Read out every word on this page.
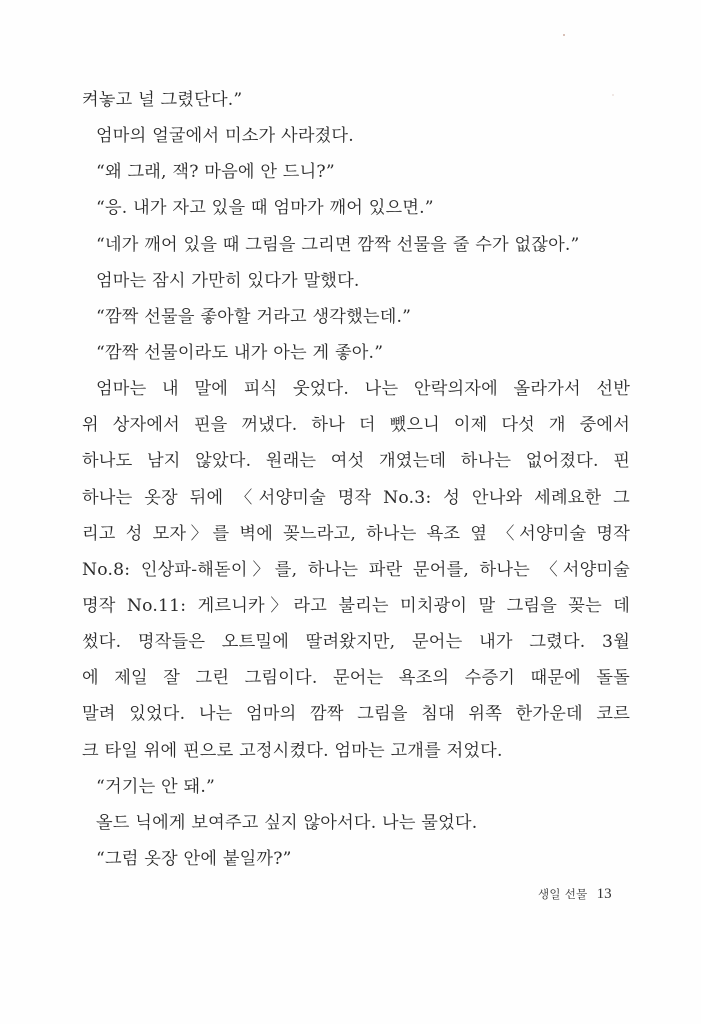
켜놓고 널 그렸단다.”
엄마의 얼굴에서 미소가 사라졌다.
“왜 그래, 잭? 마음에 안 드니?”
“응. 내가 자고 있을 때 엄마가 깨어 있으면.”
“네가 깨어 있을 때 그림을 그리면 깜짝 선물을 줄 수가 없잖아.”
엄마는 잠시 가만히 있다가 말했다.
“깜짝 선물을 좋아할 거라고 생각했는데.”
“깜짝 선물이라도 내가 아는 게 좋아.”
엄마는 내 말에 피식 웃었다. 나는 안락의자에 올라가서 선반
위 상자에서 핀을 꺼냈다. 하나 더 뺐으니 이제 다섯 개 중에서
하나도 남지 않았다. 원래는 여섯 개였는데 하나는 없어졌다. 핀
하나는 옷장 뒤에 〈서양미술 명작 No.3: 성 안나와 세례요한 그
리고 성 모자〉를 벽에 꽂느라고, 하나는 욕조 옆 〈서양미술 명작
No.8: 인상파-해돋이〉를, 하나는 파란 문어를, 하나는 〈서양미술
명작 No.11: 게르니카〉라고 불리는 미치광이 말 그림을 꽂는 데
썼다. 명작들은 오트밀에 딸려왔지만, 문어는 내가 그렸다. 3월
에 제일 잘 그린 그림이다. 문어는 욕조의 수증기 때문에 돌돌
말려 있었다. 나는 엄마의 깜짝 그림을 침대 위쪽 한가운데 코르
크 타일 위에 핀으로 고정시켰다. 엄마는 고개를 저었다.
“거기는 안 돼.”
올드 닉에게 보여주고 싶지 않아서다. 나는 물었다.
“그럼 옷장 안에 붙일까?”
생일 선물 13
